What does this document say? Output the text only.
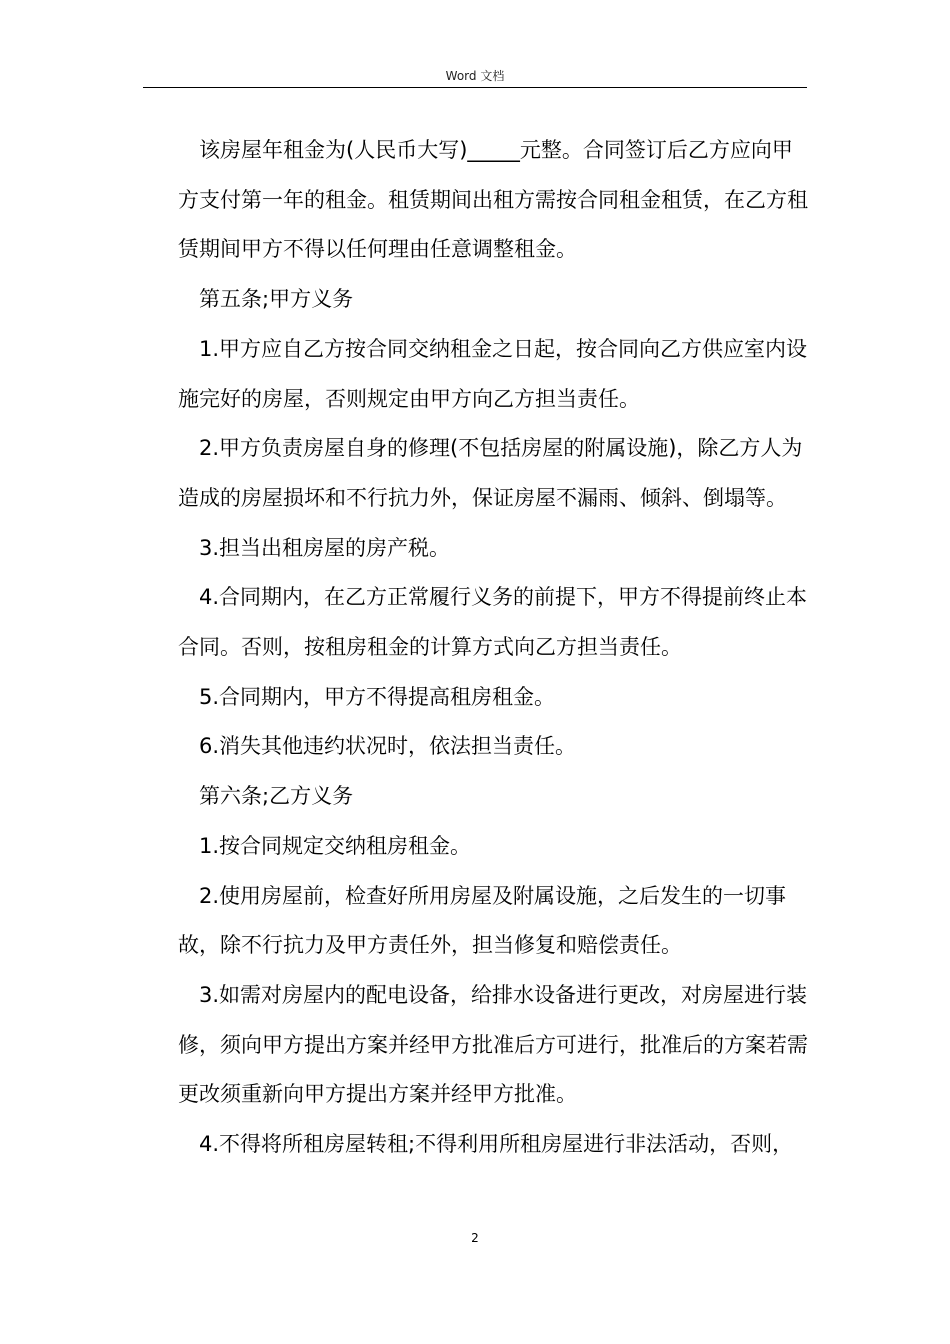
Word 文档

该房屋年租金为(人民币大写)_____元整。合同签订后乙方应向甲方支付第一年的租金。租赁期间出租方需按合同租金租赁，在乙方租赁期间甲方不得以任何理由任意调整租金。

第五条;甲方义务

1.甲方应自乙方按合同交纳租金之日起，按合同向乙方供应室内设施完好的房屋，否则规定由甲方向乙方担当责任。

2.甲方负责房屋自身的修理(不包括房屋的附属设施)，除乙方人为造成的房屋损坏和不行抗力外，保证房屋不漏雨、倾斜、倒塌等。

3.担当出租房屋的房产税。

4.合同期内，在乙方正常履行义务的前提下，甲方不得提前终止本合同。否则，按租房租金的计算方式向乙方担当责任。

5.合同期内，甲方不得提高租房租金。

6.消失其他违约状况时，依法担当责任。

第六条;乙方义务

1.按合同规定交纳租房租金。

2.使用房屋前，检查好所用房屋及附属设施，之后发生的一切事故，除不行抗力及甲方责任外，担当修复和赔偿责任。

3.如需对房屋内的配电设备，给排水设备进行更改，对房屋进行装修，须向甲方提出方案并经甲方批准后方可进行，批准后的方案若需更改须重新向甲方提出方案并经甲方批准。

4.不得将所租房屋转租;不得利用所租房屋进行非法活动，否则，

2
